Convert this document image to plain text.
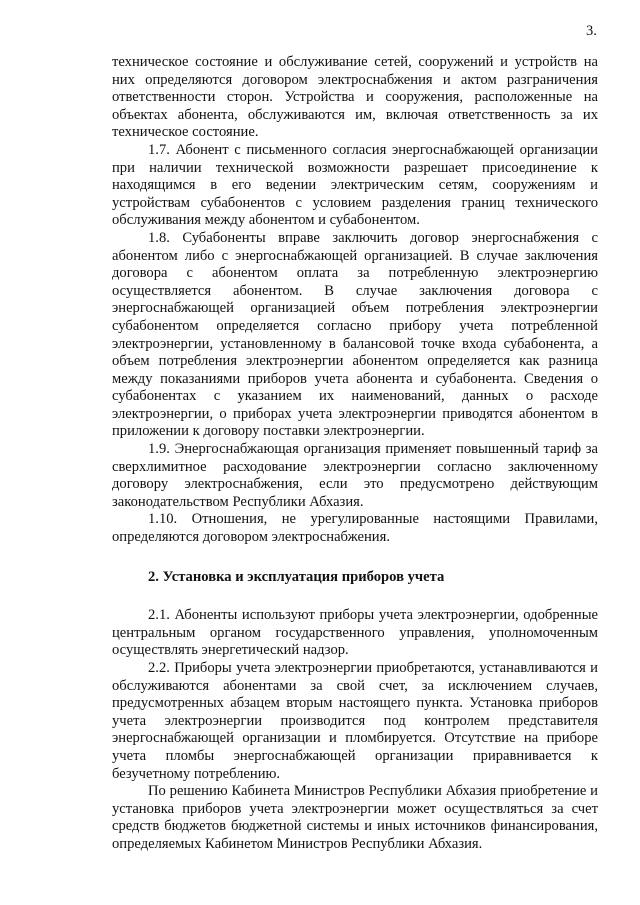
3.

техническое состояние и обслуживание сетей, сооружений и устройств на них определяются договором электроснабжения и актом разграничения ответственности сторон. Устройства и сооружения, расположенные на объектах абонента, обслуживаются им, включая ответственность за их техническое состояние.

1.7. Абонент с письменного согласия энергоснабжающей организации при наличии технической возможности разрешает присоединение к находящимся в его ведении электрическим сетям, сооружениям и устройствам субабонентов с условием разделения границ технического обслуживания между абонентом и субабонентом.

1.8. Субабоненты вправе заключить договор энергоснабжения с абонентом либо с энергоснабжающей организацией. В случае заключения договора с абонентом оплата за потребленную электроэнергию осуществляется абонентом. В случае заключения договора с энергоснабжающей организацией объем потребления электроэнергии субабонентом определяется согласно прибору учета потребленной электроэнергии, установленному в балансовой точке входа субабонента, а объем потребления электроэнергии абонентом определяется как разница между показаниями приборов учета абонента и субабонента. Сведения о субабонентах с указанием их наименований, данных о расходе электроэнергии, о приборах учета электроэнергии приводятся абонентом в приложении к договору поставки электроэнергии.

1.9. Энергоснабжающая организация применяет повышенный тариф за сверхлимитное расходование электроэнергии согласно заключенному договору электроснабжения, если это предусмотрено действующим законодательством Республики Абхазия.

1.10. Отношения, не урегулированные настоящими Правилами, определяются договором электроснабжения.

2. Установка и эксплуатация приборов учета

2.1. Абоненты используют приборы учета электроэнергии, одобренные центральным органом государственного управления, уполномоченным осуществлять энергетический надзор.

2.2. Приборы учета электроэнергии приобретаются, устанавливаются и обслуживаются абонентами за свой счет, за исключением случаев, предусмотренных абзацем вторым настоящего пункта. Установка приборов учета электроэнергии производится под контролем представителя энергоснабжающей организации и пломбируется. Отсутствие на приборе учета пломбы энергоснабжающей организации приравнивается к безучетному потреблению.

По решению Кабинета Министров Республики Абхазия приобретение и установка приборов учета электроэнергии может осуществляться за счет средств бюджетов бюджетной системы и иных источников финансирования, определяемых Кабинетом Министров Республики Абхазия.
